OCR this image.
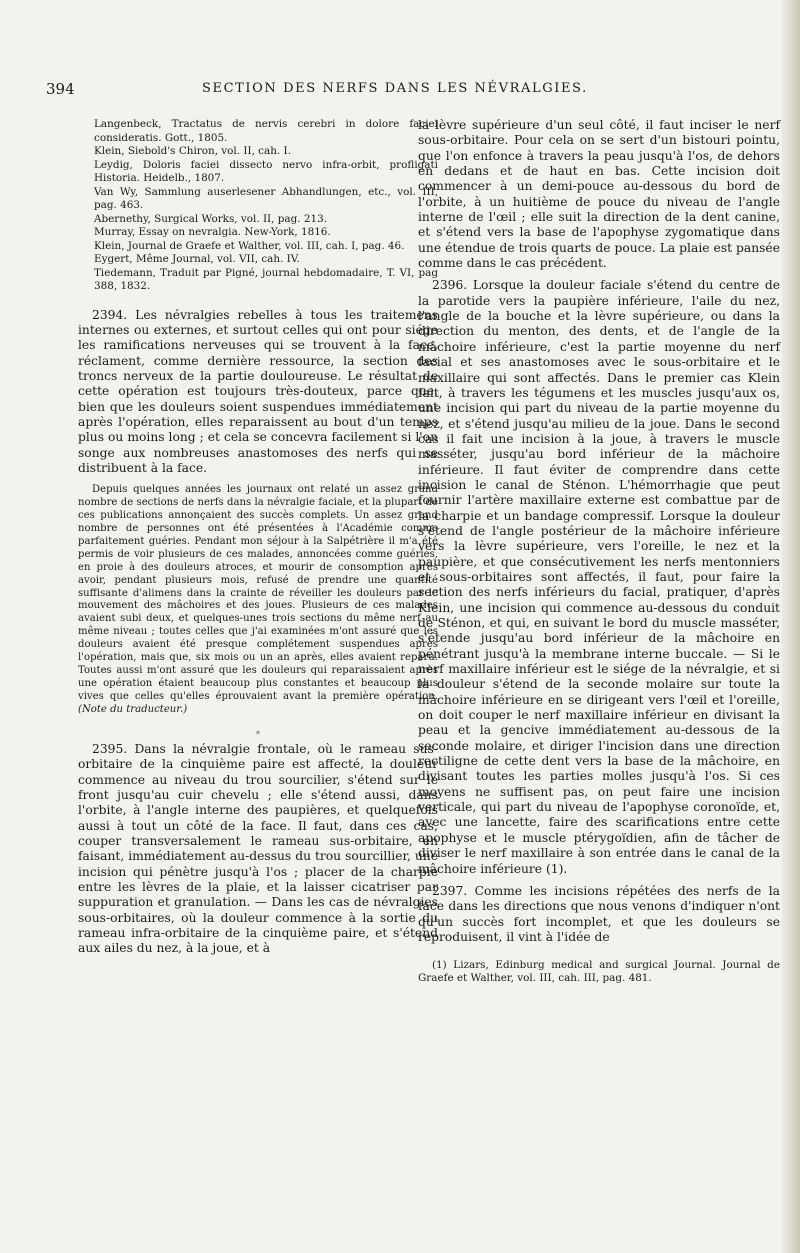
394	SECTION DES NERFS DANS LES NÉVRALGIES.
Langenbeck, Tractatus de nervis cerebri in dolore faciei consideratis. Gott., 1805.
Klein, Siebold's Chiron, vol. II, cah. I.
Leydig, Doloris faciei dissecto nervo infra-orbit, profligati Historia. Heidelb., 1807.
Van Wy, Sammlung auserlesener Abhandlungen, etc., vol. III, pag. 463.
Abernethy, Surgical Works, vol. II, pag. 213.
Murray, Essay on nevralgia. New-York, 1816.
Klein, Journal de Graefe et Walther, vol. III, cah. I, pag. 46.
Eygert, Même Journal, vol. VII, cah. IV.
Tiedemann, Traduit par Pigné, journal hebdomadaire, T. VI, pag 388, 1832.

2394. Les névralgies rebelles à tous les traitemens internes ou externes, et surtout celles qui ont pour siége les ramifications nerveuses qui se trouvent à la face, réclament, comme dernière ressource, la section des troncs nerveux de la partie douloureuse. Le résultat de cette opération est toujours très-douteux, parce que, bien que les douleurs soient suspendues immédiatement après l'opération, elles reparaissent au bout d'un temps plus ou moins long ; et cela se concevra facilement si l'on songe aux nombreuses anastomoses des nerfs qui se distribuent à la face.

Depuis quelques années les journaux ont relaté un assez grand nombre de sections de nerfs dans la névralgie faciale, et la plupart de ces publications annonçaient des succès complets. Un assez grand nombre de personnes ont été présentées à l'Académie comme parfaitement guéries. Pendant mon séjour à la Salpétrière il m'a été permis de voir plusieurs de ces malades, annoncées comme guéries, en proie à des douleurs atroces, et mourir de consomption après avoir, pendant plusieurs mois, refusé de prendre une quantité suffisante d'alimens dans la crainte de réveiller les douleurs par le mouvement des mâchoires et des joues. Plusieurs de ces malades avaient subi deux, et quelques-unes trois sections du même nerf au même niveau ; toutes celles que j'ai examinées m'ont assuré que les douleurs avaient été presque complétement suspendues après l'opération, mais que, six mois ou un an après, elles avaient reparu. Toutes aussi m'ont assuré que les douleurs qui reparaissaient après une opération étaient beaucoup plus constantes et beaucoup plus vives que celles qu'elles éprouvaient avant la première opération. (Note du traducteur.)

*

2395. Dans la névralgie frontale, où le rameau sus-orbitaire de la cinquième paire est affecté, la douleur commence au niveau du trou sourcilier, s'étend sur le front jusqu'au cuir chevelu ; elle s'étend aussi, dans l'orbite, à l'angle interne des paupières, et quelquefois aussi à tout un côté de la face. Il faut, dans ces cas, couper transversalement le rameau sus-orbitaire, en faisant, immédiatement au-dessus du trou sourcillier, une incision qui pénètre jusqu'à l'os ; placer de la charpie entre les lèvres de la plaie, et la laisser cicatriser par suppuration et granulation. — Dans les cas de névralgies sous-orbitaires, où la douleur commence à la sortie du rameau infra-orbitaire de la cinquième paire, et s'étend aux ailes du nez, à la joue, et à

la lèvre supérieure d'un seul côté, il faut inciser le nerf sous-orbitaire. Pour cela on se sert d'un bistouri pointu, que l'on enfonce à travers la peau jusqu'à l'os, de dehors en dedans et de haut en bas. Cette incision doit commencer à un demi-pouce au-dessous du bord de l'orbite, à un huitième de pouce du niveau de l'angle interne de l'œil ; elle suit la direction de la dent canine, et s'étend vers la base de l'apophyse zygomatique dans une étendue de trois quarts de pouce. La plaie est pansée comme dans le cas précédent.

2396. Lorsque la douleur faciale s'étend du centre de la parotide vers la paupière inférieure, l'aile du nez, l'angle de la bouche et la lèvre supérieure, ou dans la direction du menton, des dents, et de l'angle de la mâchoire inférieure, c'est la partie moyenne du nerf facial et ses anastomoses avec le sous-orbitaire et le maxillaire qui sont affectés. Dans le premier cas Klein fait, à travers les tégumens et les muscles jusqu'aux os, une incision qui part du niveau de la partie moyenne du nez, et s'étend jusqu'au milieu de la joue. Dans le second cas il fait une incision à la joue, à travers le muscle masséter, jusqu'au bord inférieur de la mâchoire inférieure. Il faut éviter de comprendre dans cette incision le canal de Sténon. L'hémorrhagie que peut fournir l'artère maxillaire externe est combattue par de la charpie et un bandage compressif. Lorsque la douleur s'étend de l'angle postérieur de la mâchoire inférieure vers la lèvre supérieure, vers l'oreille, le nez et la paupière, et que consécutivement les nerfs mentonniers et sous-orbitaires sont affectés, il faut, pour faire la section des nerfs inférieurs du facial, pratiquer, d'après Klein, une incision qui commence au-dessous du conduit de Sténon, et qui, en suivant le bord du muscle masséter, s'étende jusqu'au bord inférieur de la mâchoire en pénétrant jusqu'à la membrane interne buccale. — Si le nerf maxillaire inférieur est le siége de la névralgie, et si la douleur s'étend de la seconde molaire sur toute la mâchoire inférieure en se dirigeant vers l'œil et l'oreille, on doit couper le nerf maxillaire inférieur en divisant la peau et la gencive immédiatement au-dessous de la seconde molaire, et diriger l'incision dans une direction rectiligne de cette dent vers la base de la mâchoire, en divisant toutes les parties molles jusqu'à l'os. Si ces moyens ne suffisent pas, on peut faire une incision verticale, qui part du niveau de l'apophyse coronoïde, et, avec une lancette, faire des scarifications entre cette apophyse et le muscle ptérygoïdien, afin de tâcher de diviser le nerf maxillaire à son entrée dans le canal de la mâchoire inférieure (1).

2397. Comme les incisions répétées des nerfs de la face dans les directions que nous venons d'indiquer n'ont qu'un succès fort incomplet, et que les douleurs se reproduisent, il vint à l'idée de

(1) Lizars, Edinburg medical and surgical Journal. Journal de Graefe et Walther, vol. III, cah. III, pag. 481.
